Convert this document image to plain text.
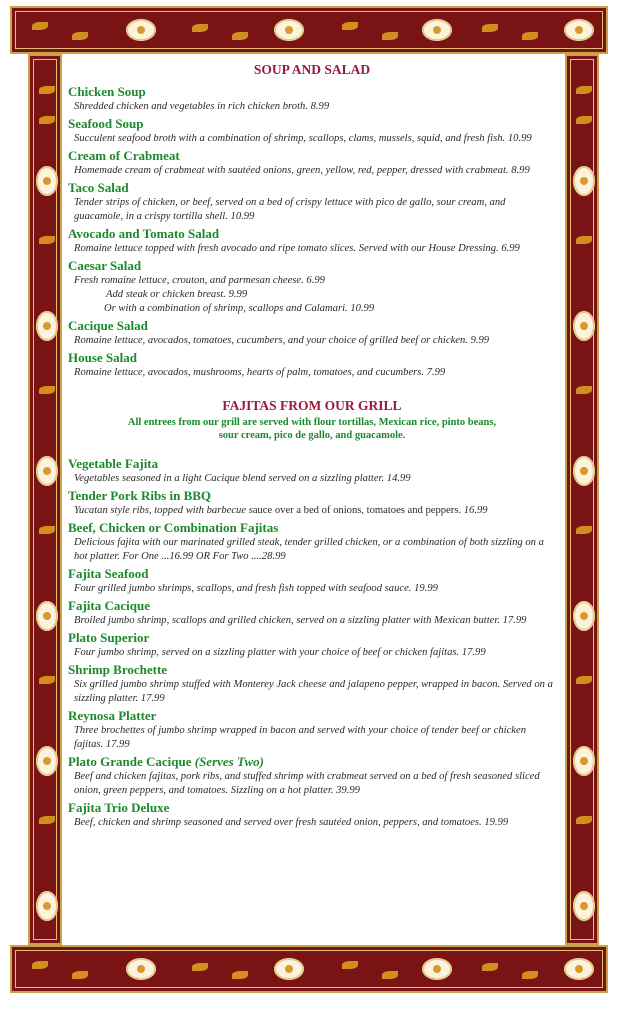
SOUP AND SALAD
Chicken Soup
Shredded chicken and vegetables in rich chicken broth. 8.99
Seafood Soup
Succulent seafood broth with a combination of shrimp, scallops, clams, mussels, squid, and fresh fish. 10.99
Cream of Crabmeat
Homemade cream of crabmeat with sautéed onions, green, yellow, red, pepper, dressed with crabmeat. 8.99
Taco Salad
Tender strips of chicken, or beef, served on a bed of crispy lettuce with pico de gallo, sour cream, and guacamole, in a crispy tortilla shell. 10.99
Avocado and Tomato Salad
Romaine lettuce topped with fresh avocado and ripe tomato slices. Served with our House Dressing. 6.99
Caesar Salad
Fresh romaine lettuce, crouton, and parmesan cheese. 6.99
Add steak or chicken breast. 9.99
Or with a combination of shrimp, scallops and Calamari. 10.99
Cacique Salad
Romaine lettuce, avocados, tomatoes, cucumbers, and your choice of grilled beef or chicken. 9.99
House Salad
Romaine lettuce, avocados, mushrooms, hearts of palm, tomatoes, and cucumbers. 7.99
FAJITAS FROM OUR GRILL
All entrees from our grill are served with flour tortillas, Mexican rice, pinto beans,
sour cream, pico de gallo, and guacamole.
Vegetable Fajita
Vegetables seasoned in a light Cacique blend served on a sizzling platter. 14.99
Tender Pork Ribs in BBQ
Yucatan style ribs, topped with barbecue sauce over a bed of onions, tomatoes and peppers. 16.99
Beef, Chicken or Combination Fajitas
Delicious fajita with our marinated grilled steak, tender grilled chicken, or a combination of both sizzling on a hot platter. For One ...16.99 OR For Two ....28.99
Fajita Seafood
Four grilled jumbo shrimps, scallops, and fresh fish topped with seafood sauce. 19.99
Fajita Cacique
Broiled jumbo shrimp, scallops and grilled chicken, served on a sizzling platter with Mexican butter. 17.99
Plato Superior
Four jumbo shrimp, served on a sizzling platter with your choice of beef or chicken fajitas. 17.99
Shrimp Brochette
Six grilled jumbo shrimp stuffed with Monterey Jack cheese and jalapeno pepper, wrapped in bacon. Served on a sizzling platter. 17.99
Reynosa Platter
Three brochettes of jumbo shrimp wrapped in bacon and served with your choice of tender beef or chicken fajitas. 17.99
Plato Grande Cacique (Serves Two)
Beef and chicken fajitas, pork ribs, and stuffed shrimp with crabmeat served on a bed of fresh seasoned sliced onion, green peppers, and tomatoes. Sizzling on a hot platter. 39.99
Fajita Trio Deluxe
Beef, chicken and shrimp seasoned and served over fresh sautéed onion, peppers, and tomatoes. 19.99
